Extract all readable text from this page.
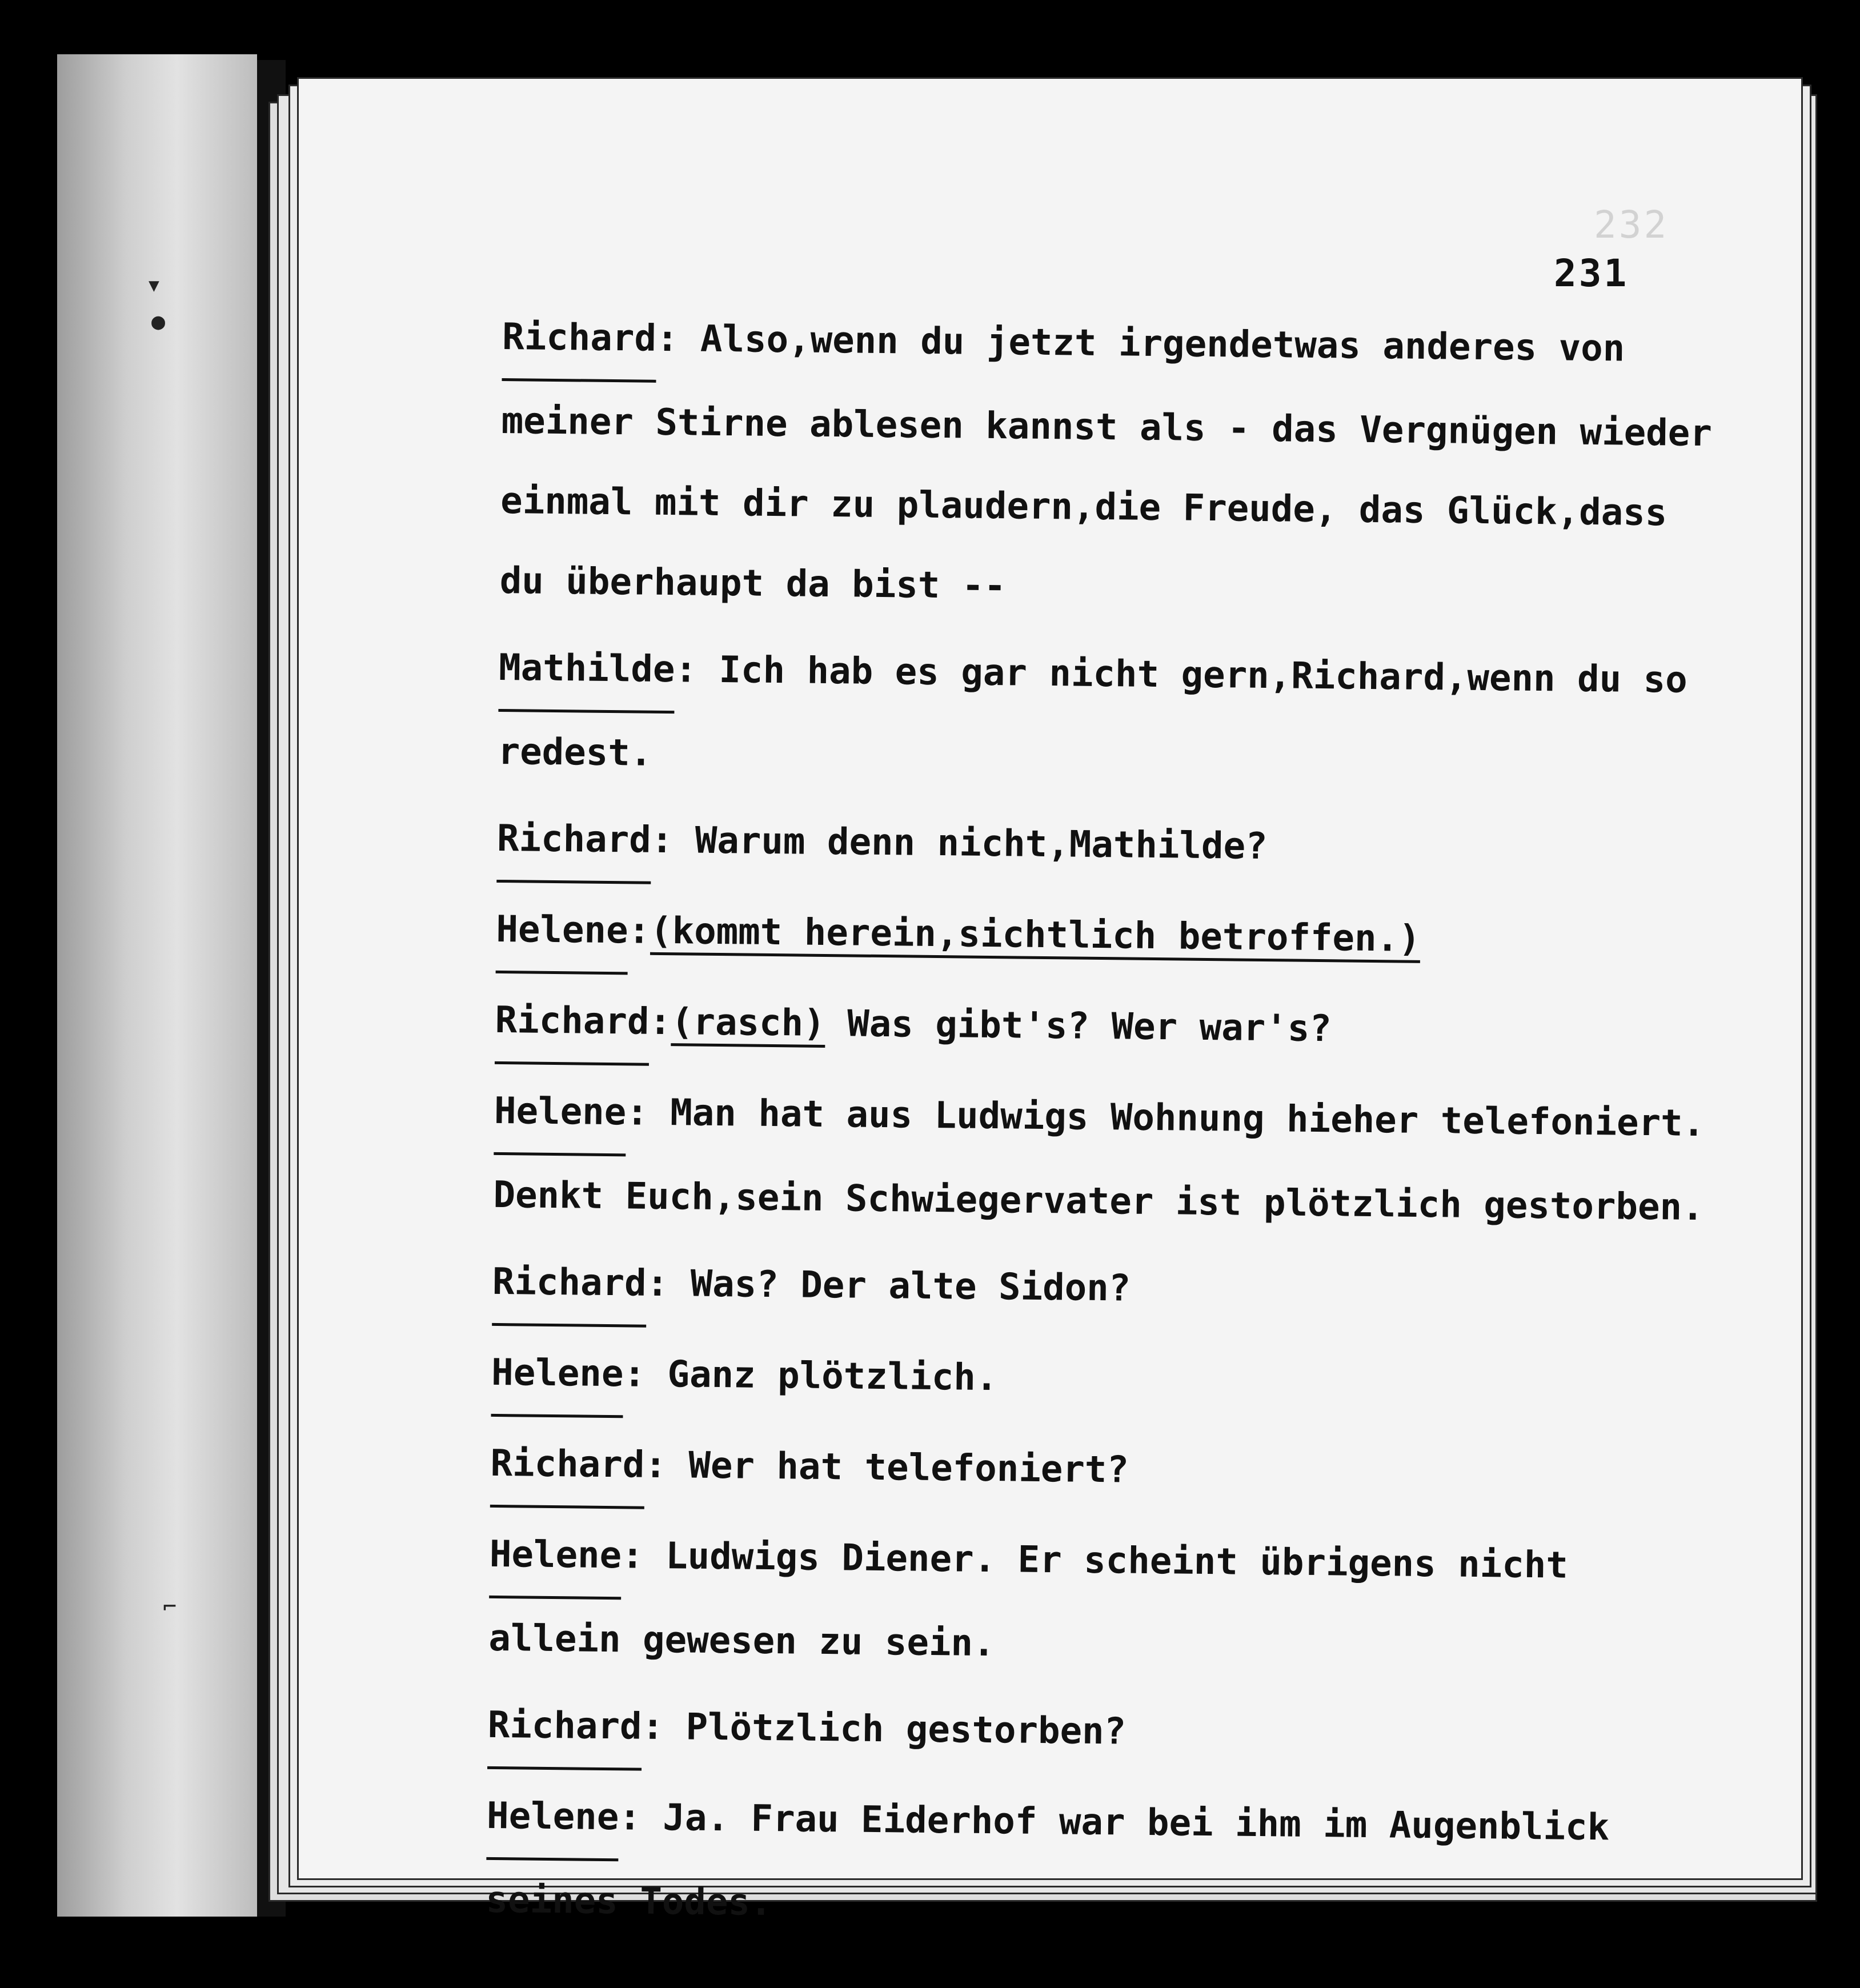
232
231

Richard: Also,wenn du jetzt irgendetwas anderes von meiner Stirne ablesen kannst als - das Vergnügen wieder einmal mit dir zu plaudern,die Freude, das Glück,dass du überhaupt da bist --

Mathilde: Ich hab es gar nicht gern,Richard,wenn du so redest.

Richard: Warum denn nicht,Mathilde?

Helene:(kommt herein,sichtlich betroffen.)

Richard:(rasch) Was gibt's? Wer war's?

Helene: Man hat aus Ludwigs Wohnung hieher telefoniert. Denkt Euch,sein Schwiegervater ist plötzlich gestorben.

Richard: Was? Der alte Sidon?

Helene: Ganz plötzlich.

Richard: Wer hat telefoniert?

Helene: Ludwigs Diener. Er scheint übrigens nicht allein gewesen zu sein.

Richard: Plötzlich gestorben?

Helene: Ja. Frau Eiderhof war bei ihm im Augenblick seines Todes.

▾
●
⌐
